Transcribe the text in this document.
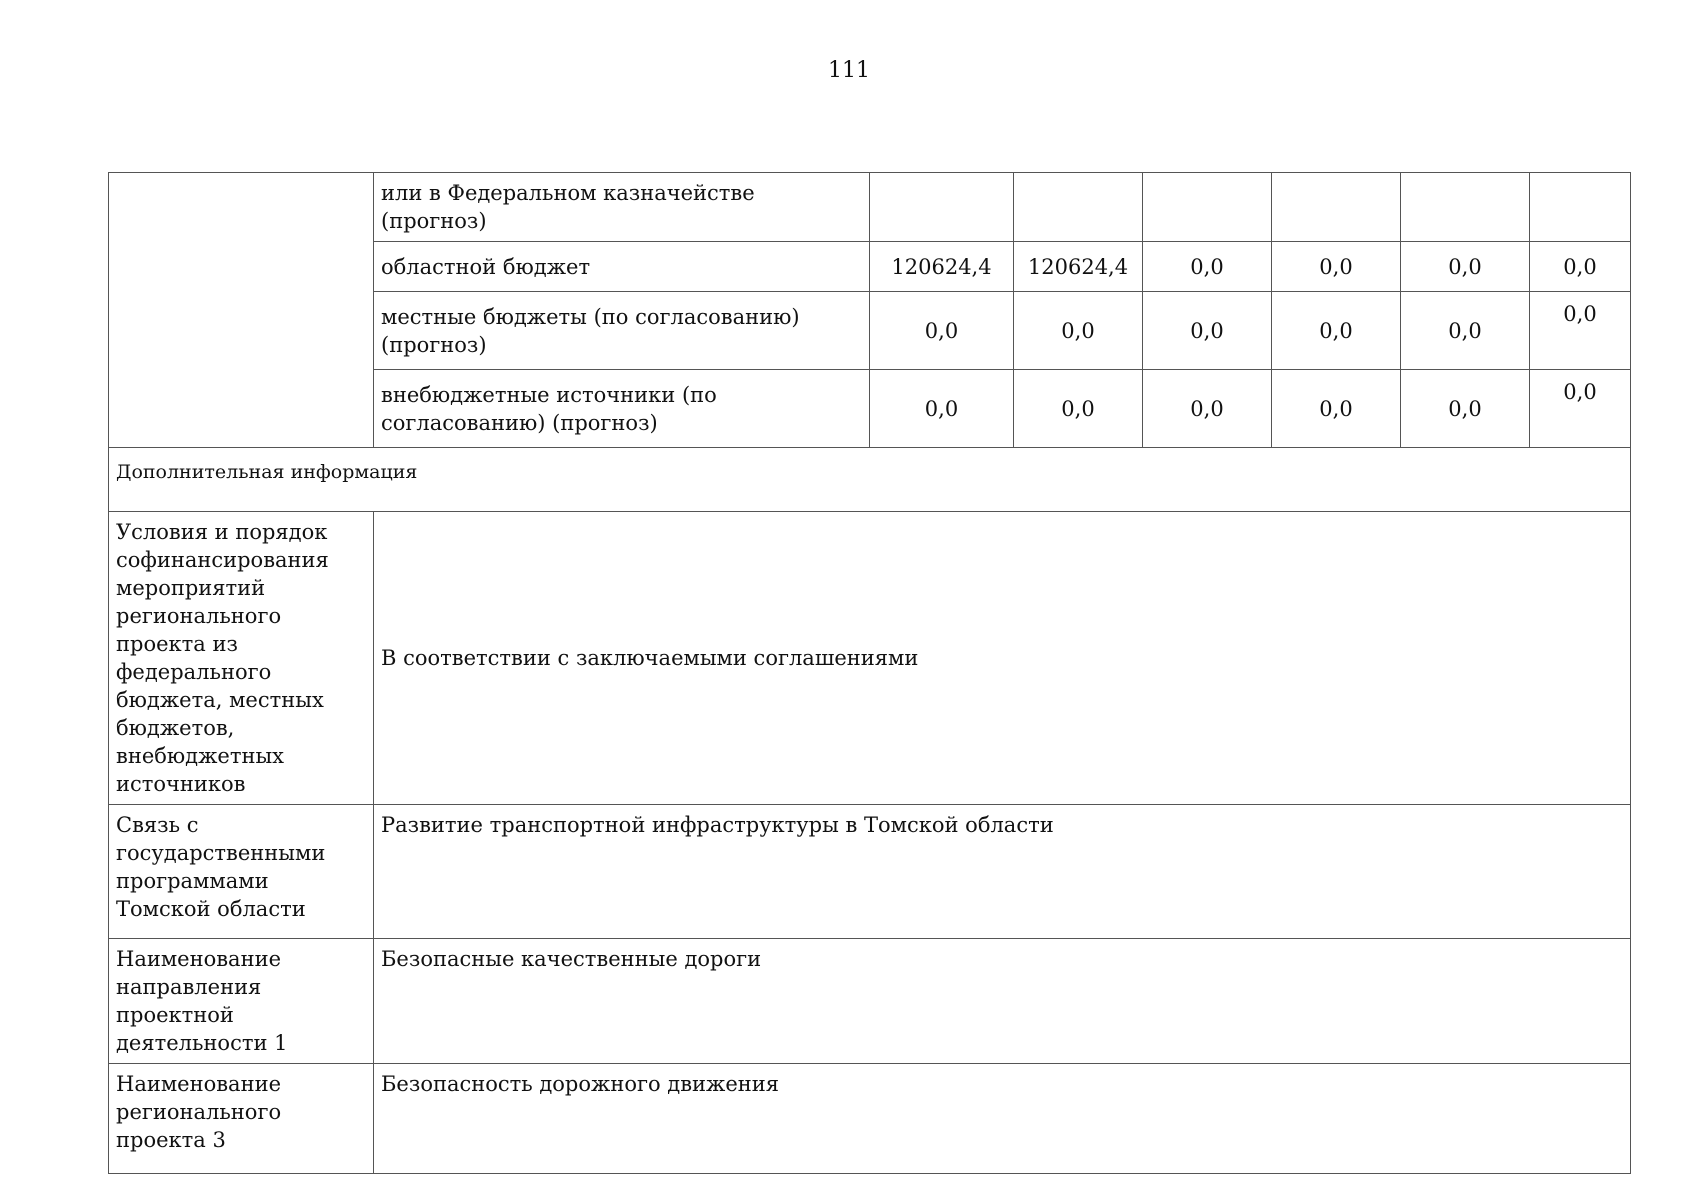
111
	или в Федеральном казначействе (прогноз)						
	областной бюджет	120624,4	120624,4	0,0	0,0	0,0	0,0
	местные бюджеты (по согласованию) (прогноз)	0,0	0,0	0,0	0,0	0,0	0,0
	внебюджетные источники (по согласованию) (прогноз)	0,0	0,0	0,0	0,0	0,0	0,0
Дополнительная информация							
Условия и порядок софинансирования мероприятий регионального проекта из федерального бюджета, местных бюджетов, внебюджетных источников	В соответствии с заключаемыми соглашениями						
Связь с государственными программами Томской области	Развитие транспортной инфраструктуры в Томской области						
Наименование направления проектной деятельности 1	Безопасные качественные дороги						
Наименование регионального проекта 3	Безопасность дорожного движения						
